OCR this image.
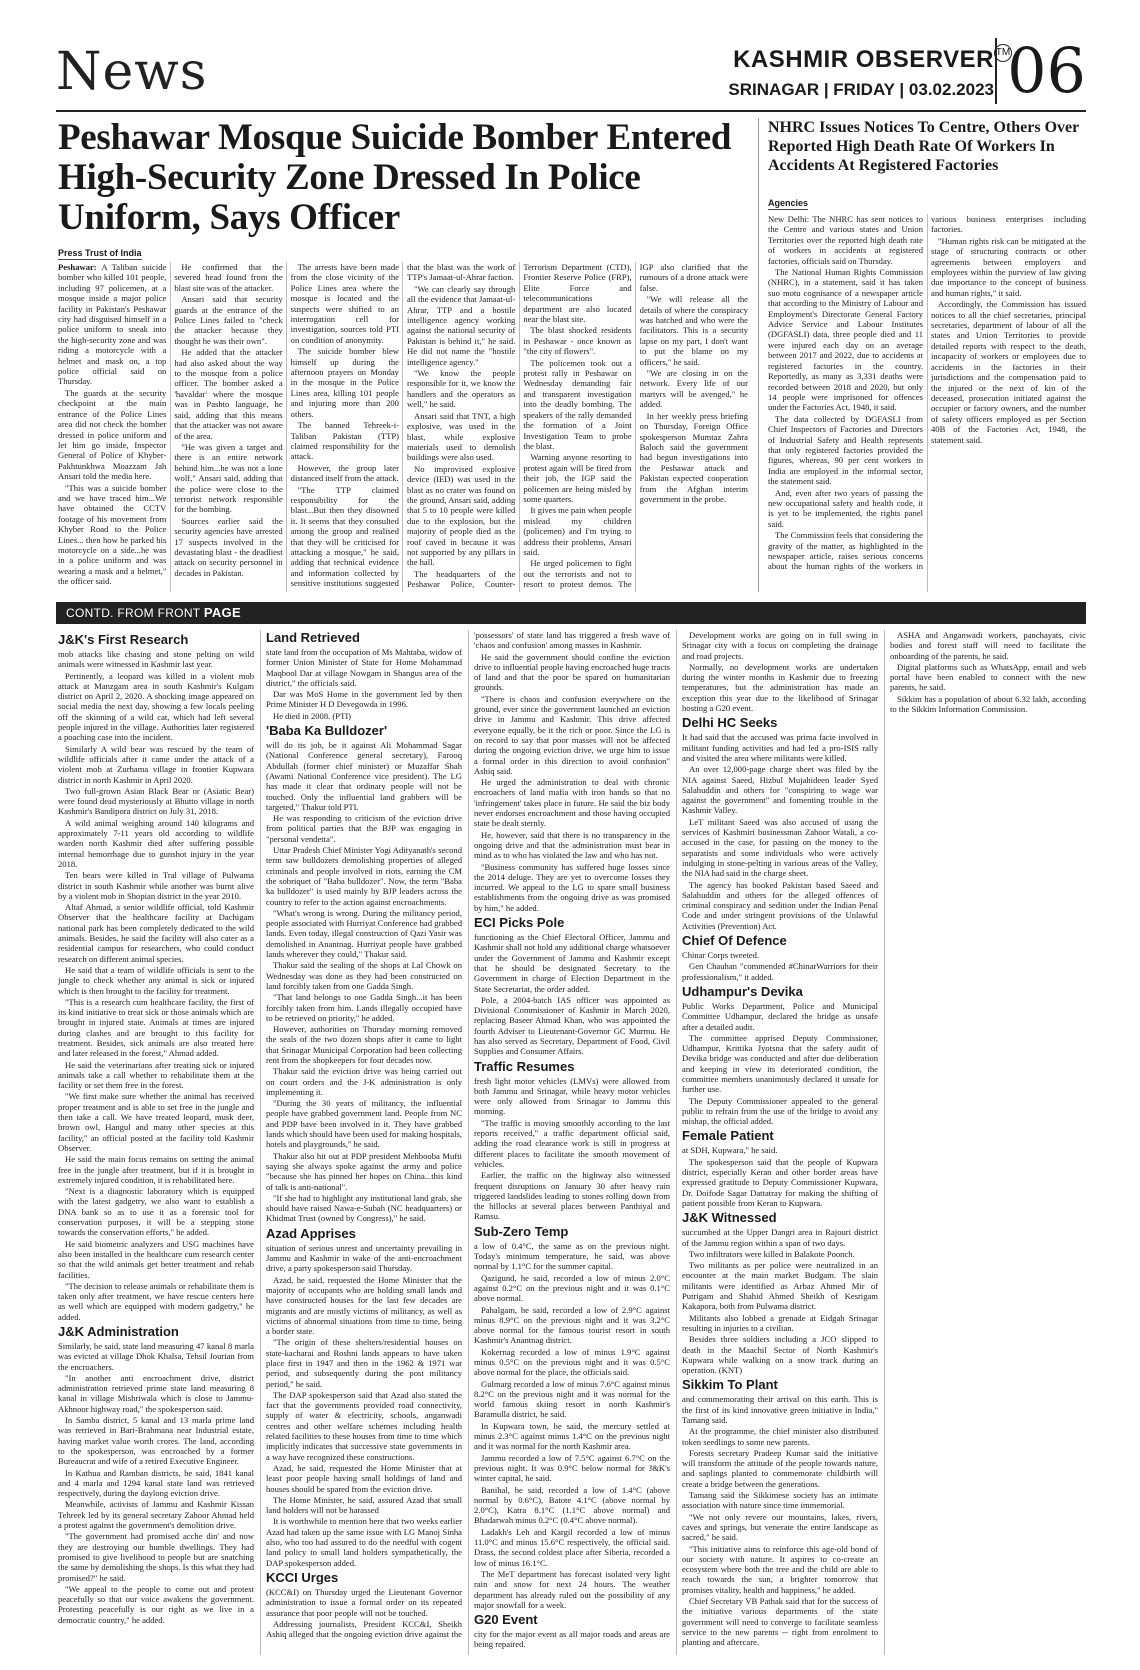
News	KASHMIR OBSERVER TM
SRINAGAR | FRIDAY | 03.02.2023 06
Peshawar Mosque Suicide Bomber Entered High-Security Zone Dressed In Police Uniform, Says Officer
Press Trust of India

Peshawar: A Taliban suicide bomber who killed 101 people, including 97 policemen, at a mosque inside a major police facility in Pakistan's Peshawar city had disguised himself in a police uniform to sneak into the high-security zone and was riding a motorcycle with a helmet and mask on, a top police official said on Thursday.

The guards at the security checkpoint at the main entrance of the Police Lines area did not check the bomber dressed in police uniform and let him go inside, Inspector General of Police of Khyber-Pakhtunkhwa Moazzam Jah Ansari told the media here.

"This was a suicide bomber and we have traced him...We have obtained the CCTV footage of his movement from Khyber Road to the Police Lines... then how he parked his motorcycle on a side...he was in a police uniform and was wearing a mask and a helmet," the officer said.

He confirmed that the severed head found from the blast site was of the attacker.

Ansari said that security guards at the entrance of the Police Lines failed to "check the attacker because they thought he was their own".

He added that the attacker had also asked about the way to the mosque from a police officer. The bomber asked a 'havaldar' where the mosque was in Pashto language, he said, adding that this means that the attacker was not aware of the area.

"He was given a target and there is an entire network behind him...he was not a lone wolf," Ansari said, adding that the police were close to the terrorist network responsible for the bombing.

Sources earlier said the security agencies have arrested 17 suspects involved in the devastating blast - the deadliest attack on security personnel in decades in Pakistan.

The arrests have been made from the close vicinity of the Police Lines area where the mosque is located and the suspects were shifted to an interrogation cell for investigation, sources told PTI on condition of anonymity.

The suicide bomber blew himself up during the afternoon prayers on Monday in the mosque in the Police Lines area, killing 101 people and injuring more than 200 others.

The banned Tehreek-i-Taliban Pakistan (TTP) claimed responsibility for the attack.

However, the group later distanced itself from the attack.

"The TTP claimed responsibility for the blast...But then they disowned it. It seems that they consulted among the group and realised that they will be criticised for attacking a mosque," he said, adding that technical evidence and information collected by sensitive institutions suggested that the blast was the work of TTP's Jamaat-ul-Ahrar faction.

"We can clearly say through all the evidence that Jamaat-ul-Ahrar, TTP and a hostile intelligence agency working against the national security of Pakistan is behind it," he said. He did not name the "hostile intelligence agency."

"We know the people responsible for it, we know the handlers and the operators as well," he said.

Ansari said that TNT, a high explosive, was used in the blast, while explosive materials used to demolish buildings were also used.

No improvised explosive device (IED) was used in the blast as no crater was found on the ground, Ansari said, adding that 5 to 10 people were killed due to the explosion, but the majority of people died as the roof caved in because it was not supported by any pillars in the hall.

The headquarters of the Peshawar Police, Counter-Terrorism Department (CTD), Frontier Reserve Police (FRP), Elite Force and telecommunications department are also located near the blast site.

The blast shocked residents in Peshawar - once known as "the city of flowers".

The policemen took out a protest rally in Peshawar on Wednesday demanding fair and transparent investigation into the deadly bombing. The speakers of the rally demanded the formation of a Joint Investigation Team to probe the blast.

Warning anyone resorting to protest again will be fired from their job, the IGP said the policemen are being misled by some quarters.

It gives me pain when people mislead my children (policemen) and I'm trying to address their problems, Ansari said.

He urged policemen to fight out the terrorists and not to resort to protest demos. The IGP also clarified that the rumours of a drone attack were false.

"We will release all the details of where the conspiracy was hatched and who were the facilitators. This is a security lapse on my part, I don't want to put the blame on my officers," he said.

"We are closing in on the network. Every life of our martyrs will be avenged," he added.

In her weekly press briefing on Thursday, Foreign Office spokesperson Mumtaz Zahra Baloch said the government had begun investigations into the Peshawar attack and Pakistan expected cooperation from the Afghan interim government in the probe.

NHRC Issues Notices To Centre, Others Over Reported High Death Rate Of Workers In Accidents At Registered Factories
Agencies

New Delhi: The NHRC has sent notices to the Centre and various states and Union Territories over the reported high death rate of workers in accidents at registered factories, officials said on Thursday.

The National Human Rights Commission (NHRC), in a statement, said it has taken suo motu cognisance of a newspaper article that according to the Ministry of Labour and Employment's Directorate General Factory Advice Service and Labour Institutes (DGFASLI) data, three people died and 11 were injured each day on an average between 2017 and 2022, due to accidents at registered factories in the country. Reportedly, as many as 3,331 deaths were recorded between 2018 and 2020, but only 14 people were imprisoned for offences under the Factories Act, 1948, it said.

The data collected by DGFASLI from Chief Inspectors of Factories and Directors of Industrial Safety and Health represents that only registered factories provided the figures, whereas, 90 per cent workers in India are employed in the informal sector, the statement said.

And, even after two years of passing the new occupational safety and health code, it is yet to be implemented, the rights panel said.

The Commission feels that considering the gravity of the matter, as highlighted in the newspaper article, raises serious concerns about the human rights of the workers in various business enterprises including factories.

"Human rights risk can be mitigated at the stage of structuring contracts or other agreements between employers and employees within the purview of law giving due importance to the concept of business and human rights," it said.

Accordingly, the Commission has issued notices to all the chief secretaries, principal secretaries, department of labour of all the states and Union Territories to provide detailed reports with respect to the death, incapacity of workers or employees due to accidents in the factories in their jurisdictions and the compensation paid to the injured or the next of kin of the deceased, prosecution initiated against the occupier or factory owners, and the number of safety officers employed as per Section 40B of the Factories Act, 1948, the statement said.

CONTD. FROM FRONT PAGE
J&K's First Research

mob attacks like chasing and stone pelting on wild animals were witnessed in Kashmir last year.

Pertinently, a leopard was killed in a violent mob attack at Manzgam area in south Kashmir's Kulgam district on April 2, 2020. A shocking image appeared on social media the next day, showing a few locals peeling off the skinning of a wild cat, which had left several people injured in the village. Authorities later registered a poaching case into the incident.

Similarly A wild bear was rescued by the team of wildlife officials after it came under the attack of a violent mob at Zurhama village in frontier Kupwara district in north Kashmir in April 2020.

Two full-grown Asian Black Bear or (Asiatic Bear) were found dead mysteriously at Bhutto village in north Kashmir's Bandipora district on July 31, 2018.

A wild animal weighing around 140 kilograms and approximately 7-11 years old according to wildlife warden north Kashmir died after suffering possible internal hemorrhage due to gunshot injury in the year 2018.

Ten bears were killed in Tral village of Pulwama district in south Kashmir while another was burnt alive by a violent mob in Shopian district in the year 2010.

Altaf Ahmad, a senior wildlife official, told Kashmir Observer that the healthcare facility at Dachigam national park has been completely dedicated to the wild animals. Besides, he said the facility will also cater as a residential campus for researchers, who could conduct research on different animal species.

He said that a team of wildlife officials is sent to the jungle to check whether any animal is sick or injured which is then brought to the facility for treatment.

"This is a research cum healthcare facility, the first of its kind initiative to treat sick or those animals which are brought in injured state. Animals at times are injured during clashes and are brought to this facility for treatment. Besides, sick animals are also treated here and later released in the forest," Ahmad added.

He said the veterinarians after treating sick or injured animals take a call whether to rehabilitate them at the facility or set them free in the forest.

"We first make sure whether the animal has received proper treatment and is able to set free in the jungle and then take a call. We have treated leopard, musk deer, brown owl, Hangul and many other species at this facility," an official posted at the facility told Kashmir Observer.

He said the main focus remains on setting the animal free in the jungle after treatment, but if it is brought in extremely injured condition, it is rehabilitated here.

"Next is a diagnostic laboratory which is equipped with the latest gadgetry, we also want to establish a DNA bank so as to use it as a forensic tool for conservation purposes, it will be a stepping stone towards the conservation efforts," he added.

He said biometric analyzers and USG machines have also been installed in the healthcare cum research center so that the wild animals get better treatment and rehab facilities.

"The decision to release animals or rehabilitate them is taken only after treatment, we have rescue centers here as well which are equipped with modern gadgetry," he added.

J&K Administration

Similarly, he said, state land measuring 47 kanal 8 marla was evicted at village Dhok Khalsa, Tehsil Jourian from the encroachers.

"In another anti encroachment drive, district administration retrieved prime state land measuring 8 kanal in village Mishriwala which is close to Jammu- Akhnoor highway road," the spokesperson said.

In Samba district, 5 kanal and 13 marla prime land was retrieved in Bari-Brahmana near Industrial estate, having market value worth crores. The land, according to the spokesperson, was encroached by a former Bureaucrat and wife of a retired Executive Engineer.

In Kathua and Ramban districts, he said, 1841 kanal and 4 marla and 1294 kanal state land was retrieved respectively, during the daylong eviction drive.

Meanwhile, activists of Jammu and Kashmir Kissan Tehreek led by its general secretary Zahoor Ahmad held a protest against the government's demolition drive.

"The government had promised acche din' and now they are destroying our humble dwellings. They had promised to give livelihood to people but are snatching the same by demolishing the shops. Is this what they had promised?" he said.

"We appeal to the people to come out and protest peacefully so that our voice awakens the government. Protesting peacefully is our right as we live in a democratic country," he added.

Land Retrieved

state land from the occupation of Ms Mahtaba, widow of former Union Minister of State for Home Mohammad Maqbool Dar at village Nowgam in Shangus area of the district," the officials said.

Dar was MoS Home in the government led by then Prime Minister H D Devegowda in 1996.

He died in 2008. (PTI)

'Baba Ka Bulldozer'

will do its job, be it against Ali Mohammad Sagar (National Conference general secretary), Farooq Abdullah (former chief minister) or Muzaffar Shah (Awami National Conference vice president). The LG has made it clear that ordinary people will not be touched. Only the influential land grabbers will be targeted," Thakur told PTI.

He was responding to criticism of the eviction drive from political parties that the BJP was engaging in "personal vendetta".

Uttar Pradesh Chief Minister Yogi Adityanath's second term saw bulldozers demolishing properties of alleged criminals and people involved in riots, earning the CM the sobriquet of "Baba bulldozer". Now, the term "Baba ka bulldozer" is used mainly by BJP leaders across the country to refer to the action against encroachments.

"What's wrong is wrong. During the militancy period, people associated with Hurriyat Conference had grabbed lands. Even today, illegal construction of Qazi Yasir was demolished in Anantnag. Hurriyat people have grabbed lands wherever they could," Thakur said.

Thakur said the sealing of the shops at Lal Chowk on Wednesday was done as they had been constructed on land forcibly taken from one Gadda Singh.

"That land belongs to one Gadda Singh...it has been forcibly taken from him. Lands illegally occupied have to be retrieved on priority," he added.

However, authorities on Thursday morning removed the seals of the two dozen shops after it came to light that Srinagar Municipal Corporation had been collecting rent from the shopkeepers for four decades now.

Thakur said the eviction drive was being carried out on court orders and the J-K administration is only implementing it.

"During the 30 years of militancy, the influential people have grabbed government land. People from NC and PDP have been involved in it. They have grabbed lands which should have been used for making hospitals, hotels and playgrounds," he said.

Thakur also hit out at PDP president Mehbooba Mufti saying she always spoke against the army and police "because she has pinned her hopes on China...this kind of talk is anti-national".

"If she had to highlight any institutional land grab, she should have raised Nawa-e-Subah (NC headquarters) or Khidmat Trust (owned by Congress)," he said.

Azad Apprises

situation of serious unrest and uncertainty prevailing in Jammu and Kashmir in wake of the anti-encroachment drive, a party spokesperson said Thursday.

Azad, he said, requested the Home Minister that the majority of occupants who are holding small lands and have constructed houses for the last few decades are migrants and are mostly victims of militancy, as well as victims of abnormal situations from time to time, being a border state.

"The origin of these shelters/residential houses on state-kacharai and Roshni lands appears to have taken place first in 1947 and then in the 1962 & 1971 war period, and subsequently during the post militancy period," he said.

The DAP spokesperson said that Azad also stated the fact that the governments provided road connectivity, supply of water & electricity, schools, anganwadi centres and other welfare schemes including health related facilities to these houses from time to time which implicitly indicates that successive state governments in a way have recognized these constructions.

Azad, he said, requested the Home Minister that at least poor people having small holdings of land and houses should be spared from the eviction drive.

The Home Minister, he said, assured Azad that small land holders will not be harassed

It is worthwhile to mention here that two weeks earlier Azad had taken up the same issue with LG Manoj Sinha also, who too had assured to do the needful with cogent land policy to small land holders sympathetically, the DAP spokesperson added.

KCCI Urges

(KCC&I) on Thursday urged the Lieutenant Governor administration to issue a formal order on its repeated assurance that poor people will not be touched.

Addressing journalists, President KCC&I, Sheikh Ashiq alleged that the ongoing eviction drive against the 'possessors' of state land has triggered a fresh wave of 'chaos and confusion' among masses in Kashmir.

He said the government should confine the eviction drive to influential people having encroached huge tracts of land and that the poor be spared on humanitarian grounds.

"There is chaos and confusion everywhere on the ground, ever since the government launched an eviction drive in Jammu and Kashmir. This drive affected everyone equally, be it the rich or poor. Since the LG is on record to say that poor masses will not be affected during the ongoing eviction drive, we urge him to issue a formal order in this direction to avoid confusion" Ashiq said.

He urged the administration to deal with chronic encroachers of land mafia with iron hands so that no 'infringement' takes place in future. He said the biz body never endorses encroachment and those having occupied state be dealt sternly.

He, however, said that there is no transparency in the ongoing drive and that the administration must bear in mind as to who has violated the law and who has not.

"Business community has suffered huge losses since the 2014 deluge. They are yet to overcome losses they incurred. We appeal to the LG to spare small business establishments from the ongoing drive as was promised by him," he added.

ECI Picks Pole

functioning as the Chief Electoral Officer, Jammu and Kashmir shall not hold any additional charge whatsoever under the Government of Jammu and Kashmir except that he should be designated Secretary to the Government in charge of Election Department in the State Secretariat, the order added.

Pole, a 2004-batch IAS officer was appointed as Divisional Commissioner of Kashmir in March 2020, replacing Baseer Ahmad Khan, who was appointed the fourth Adviser to Lieutenant-Governor GC Murmu. He has also served as Secretary, Department of Food, Civil Supplies and Consumer Affairs.

Traffic Resumes

fresh light motor vehicles (LMVs) were allowed from both Jammu and Srinagar, while heavy motor vehicles were only allowed from Srinagar to Jammu this morning.

"The traffic is moving smoothly according to the last reports received," a traffic department official said, adding the road clearance work is still in progress at different places to facilitate the smooth movement of vehicles.

Earlier, the traffic on the highway also witnessed frequent disruptions on January 30 after heavy rain triggered landslides leading to stones rolling down from the hillocks at several places between Panthiyal and Ramsu.

Sub-Zero Temp

a low of 0.4°C, the same as on the previous night. Today's minimum temperature, he said, was above normal by 1.1°C for the summer capital.

Qazigund, he said, recorded a low of minus 2.0°C against 0.2°C on the previous night and it was 0.1°C above normal.

Pahalgam, he said, recorded a low of 2.9°C against minus 8.9°C on the previous night and it was 3.2°C above normal for the famous tourist resort in south Kashmir's Anantnag district.

Kokernag recorded a low of minus 1.9°C against minus 0.5°C on the previous night and it was 0.5°C above normal for the place, the officials said.

Gulmarg recorded a low of minus 7.6°C against minus 8.2°C on the previous night and it was normal for the world famous skiing resort in north Kashmir's Baramulla district, he said.

In Kupwara town, he said, the mercury settled at minus 2.3°C against minus 1.4°C on the previous night and it was normal for the north Kashmir area.

Jammu recorded a low of 7.5°C against 6.7°C on the previous night. It was 0.9°C below normal for J&K's winter capital, he said.

Banihal, he said, recorded a low of 1.4°C (above normal by 0.6°C), Batote 4.1°C (above normal by 2.0°C), Katra 8.1°C (1.1°C above normal) and Bhadarwah minus 0.2°C (0.4°C above normal).

Ladakh's Leh and Kargil recorded a low of minus 11.0°C and minus 15.6°C respectively, the official said. Drass, the second coldest place after Siberia, recorded a low of minus 16.1°C.

The MeT department has forecast isolated very light rain and snow for next 24 hours. The weather department has already ruled out the possibility of any major snowfall for a week.

G20 Event

city for the major event as all major roads and areas are being repaired.

Development works are going on in full swing in Srinagar city with a focus on completing the drainage and road projects.

Normally, no development works are undertaken during the winter months in Kashmir due to freezing temperatures, but the administration has made an exception this year due to the likelihood of Srinagar hosting a G20 event.

Delhi HC Seeks

It had said that the accused was prima facie involved in militant funding activities and had led a pro-ISIS rally and visited the area where militants were killed.

An over 12,000-page charge sheet was filed by the NIA against Saeed, Hizbul Mujahideen leader Syed Salahuddin and others for "conspiring to wage war against the government" and fomenting trouble in the Kashmir Valley.

LeT militant Saeed was also accused of using the services of Kashmiri businessman Zahoor Watali, a co-accused in the case, for passing on the money to the separatists and some individuals who were actively indulging in stone-pelting in various areas of the Valley, the NIA had said in the charge sheet.

The agency has booked Pakistan based Saeed and Salahuddin and others for the alleged offences of criminal conspiracy and sedition under the Indian Penal Code and under stringent provisions of the Unlawful Activities (Prevention) Act.

Chief Of Defence

Chinar Corps tweeted.

Gen Chauhan "commended #ChinarWarriors for their professionalism," it added.

Udhampur's Devika

Public Works Department, Police and Municipal Committee Udhampur, declared the bridge as unsafe after a detailed audit.

The committee apprised Deputy Commissioner, Udhampur, Krittika Jyotsna that the safety audit of Devika bridge was conducted and after due deliberation and keeping in view its deteriorated condition, the committee members unanimously declared it unsafe for further use.

The Deputy Commissioner appealed to the general public to refrain from the use of the bridge to avoid any mishap, the official added.

Female Patient

at SDH, Kupwara," he said.

The spokesperson said that the people of Kupwara district, especially Keran and other border areas have expressed gratitude to Deputy Commissioner Kupwara, Dr. Doifode Sagar Dattatray for making the shifting of patient possible from Keran to Kupwara.

J&K Witnessed

succumbed at the Upper Dangri area in Rajouri district of the Jammu region within a span of two days.

Two infiltrators were killed in Balakote Poonch.

Two militants as per police were neutralized in an encounter at the main market Budgam. The slain militants were identified as Arbaz Ahmed Mir of Putrigam and Shahid Ahmed Sheikh of Kesrigam Kakapora, both from Pulwama district.

Militants also lobbed a grenade at Eidgah Srinagar resulting in injuries to a civilian.

Besides three soldiers including a JCO slipped to death in the Maachil Sector of North Kashmir's Kupwara while walking on a snow track during an operation. (KNT)

Sikkim To Plant

and commemorating their arrival on this earth. This is the first of its kind innovative green initiative in India," Tamang said.

At the programme, the chief minister also distributed token seedlings to some new parents.

Forests secretary Pradeep Kumar said the initiative will transform the attitude of the people towards nature, and saplings planted to commemorate childbirth will create a bridge between the generations.

Tamang said the Sikkimese society has an intimate association with nature since time immemorial.

"We not only revere our mountains, lakes, rivers, caves and springs, but venerate the entire landscape as sacred," he said.

"This initiative aims to reinforce this age-old bond of our society with nature. It aspires to co-create an ecosystem where both the tree and the child are able to reach towards the sun, a brighter tomorrow that promises vitality, health and happiness," he added.

Chief Secretary VB Pathak said that for the success of the initiative various departments of the state government will need to converge to facilitate seamless service to the new parents -- right from enrolment to planting and aftercare.

ASHA and Anganwadi workers, panchayats, civic bodies and forest staff will need to facilitate the onboarding of the parents, he said.

Digital platforms such as WhatsApp, email and web portal have been enabled to connect with the new parents, he said.

Sikkim has a population of about 6.32 lakh, according to the Sikkim Information Commission.
